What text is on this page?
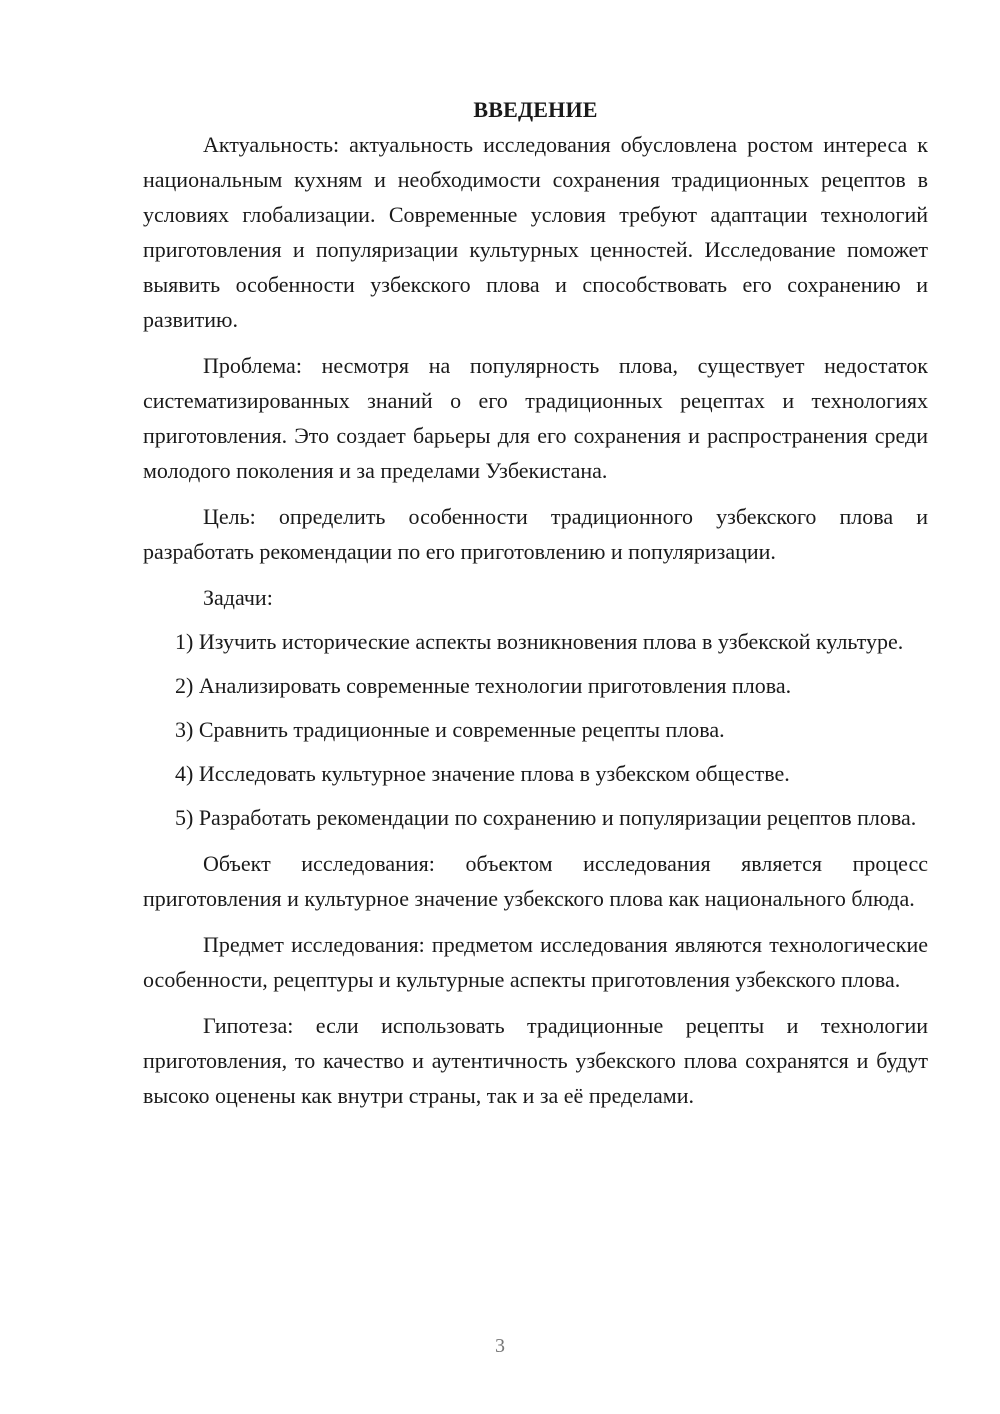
ВВЕДЕНИЕ

Актуальность: актуальность исследования обусловлена ростом интереса к национальным кухням и необходимости сохранения традиционных рецептов в условиях глобализации. Современные условия требуют адаптации технологий приготовления и популяризации культурных ценностей. Исследование поможет выявить особенности узбекского плова и способствовать его сохранению и развитию.

Проблема: несмотря на популярность плова, существует недостаток систематизированных знаний о его традиционных рецептах и технологиях приготовления. Это создает барьеры для его сохранения и распространения среди молодого поколения и за пределами Узбекистана.

Цель: определить особенности традиционного узбекского плова и разработать рекомендации по его приготовлению и популяризации.

Задачи:

1) Изучить исторические аспекты возникновения плова в узбекской культуре.

2) Анализировать современные технологии приготовления плова.

3) Сравнить традиционные и современные рецепты плова.

4) Исследовать культурное значение плова в узбекском обществе.

5) Разработать рекомендации по сохранению и популяризации рецептов плова.

Объект исследования: объектом исследования является процесс приготовления и культурное значение узбекского плова как национального блюда.

Предмет исследования: предметом исследования являются технологические особенности, рецептуры и культурные аспекты приготовления узбекского плова.

Гипотеза: если использовать традиционные рецепты и технологии приготовления, то качество и аутентичность узбекского плова сохранятся и будут высоко оценены как внутри страны, так и за её пределами.

3
